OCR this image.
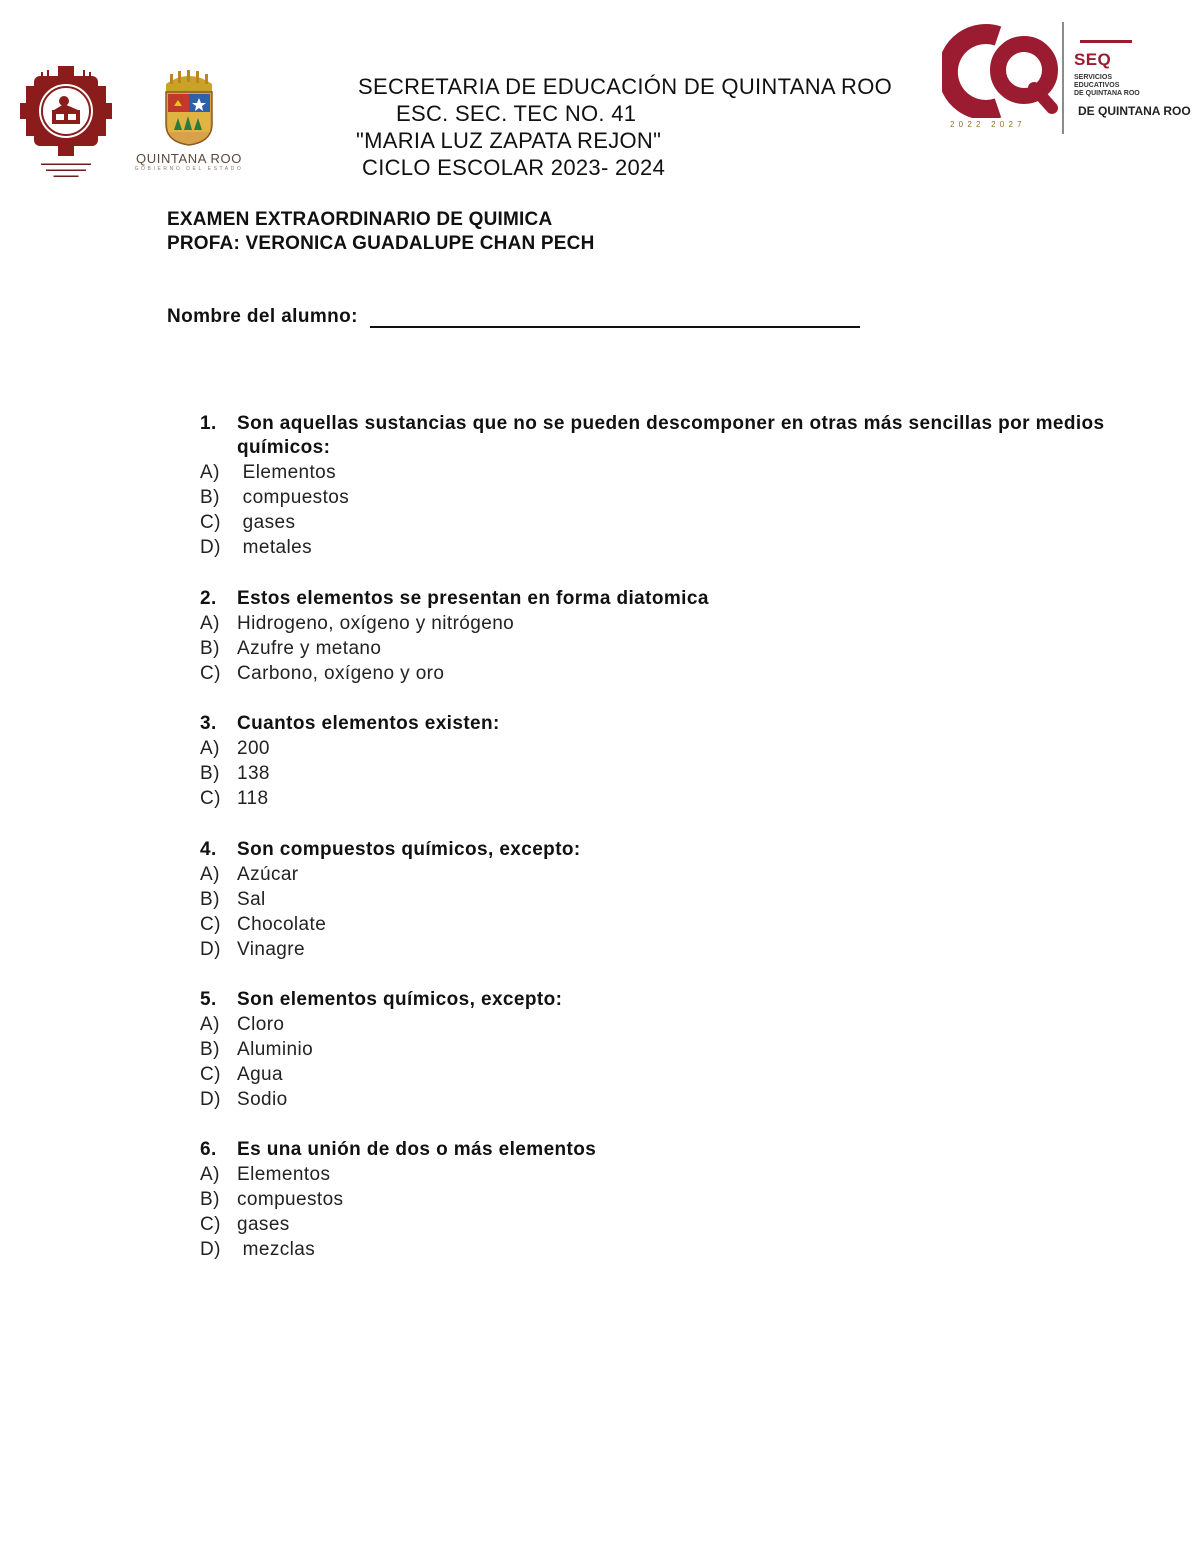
▬▬▬▬▬▬▬▬▬▬
▬▬▬▬▬▬▬▬
▬▬▬▬▬
QUINTANA ROO
GOBIERNO DEL ESTADO
2 0 2 2   2 0 2 7
SEQ
SERVICIOS
EDUCATIVOS
DE QUINTANA ROO
DE QUINTANA ROO
SECRETARIA DE EDUCACIÓN DE QUINTANA ROO
ESC. SEC. TEC NO. 41
"MARIA LUZ ZAPATA REJON"
CICLO ESCOLAR 2023- 2024
EXAMEN EXTRAORDINARIO DE QUIMICA
PROFA: VERONICA GUADALUPE CHAN PECH
Nombre del alumno:
1.	Son aquellas sustancias que no se pueden descomponer en otras más sencillas por medios químicos:
A) Elementos
B) compuestos
C) gases
D) metales
2.	Estos elementos se presentan en forma diatomica
A) Hidrogeno, oxígeno y nitrógeno
B) Azufre y metano
C) Carbono, oxígeno y oro
3.	Cuantos elementos existen:
A) 200
B) 138
C) 118
4.	Son compuestos químicos, excepto:
A) Azúcar
B) Sal
C) Chocolate
D) Vinagre
5.	Son elementos químicos, excepto:
A) Cloro
B) Aluminio
C) Agua
D) Sodio
6.	Es una unión de dos o más elementos
A) Elementos
B) compuestos
C) gases
D) mezclas
